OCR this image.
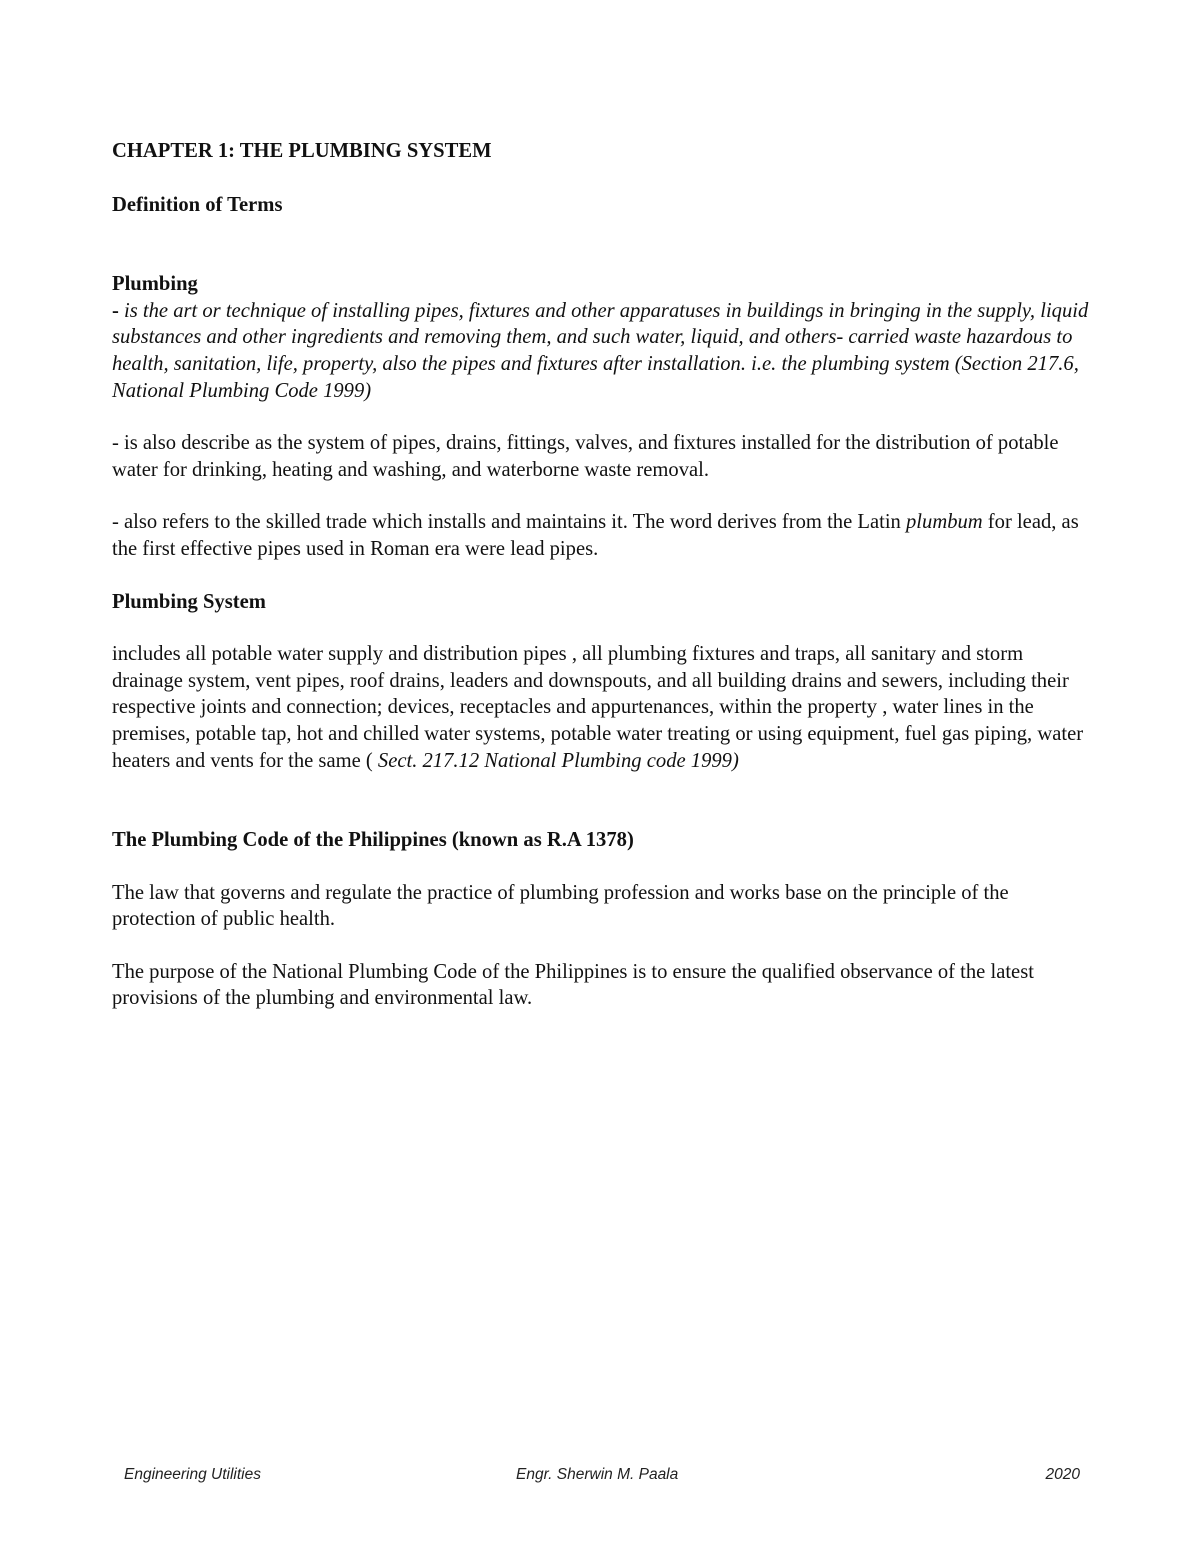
CHAPTER 1: THE PLUMBING SYSTEM

Definition of Terms

Plumbing

- is the art or technique of installing pipes, fixtures and other apparatuses in buildings in bringing in the supply, liquid substances and other ingredients and removing them, and such water, liquid, and others- carried waste hazardous to health, sanitation, life, property, also the pipes and fixtures after installation. i.e. the plumbing system (Section 217.6, National Plumbing Code 1999)

- is also describe as the system of pipes, drains, fittings, valves, and fixtures installed for the distribution of potable water for drinking, heating and washing, and waterborne waste removal.

- also refers to the skilled trade which installs and maintains it. The word derives from the Latin plumbum for lead, as the first effective pipes used in Roman era were lead pipes.

Plumbing System

includes all potable water supply and distribution pipes , all plumbing fixtures and traps, all sanitary and storm drainage system, vent pipes, roof drains, leaders and downspouts, and all building drains and sewers, including their respective joints and connection; devices, receptacles and appurtenances, within the property , water lines in the premises, potable tap, hot and chilled water systems, potable water treating or using equipment, fuel gas piping, water heaters and vents for the same ( Sect. 217.12 National Plumbing code 1999)

The Plumbing Code of the Philippines (known as R.A 1378)

The law that governs and regulate the practice of plumbing profession and works base on the principle of the protection of public health.

The purpose of the National Plumbing Code of the Philippines is to ensure the qualified observance of the latest provisions of the plumbing and environmental law.

Engineering Utilities	Engr. Sherwin M. Paala	2020
